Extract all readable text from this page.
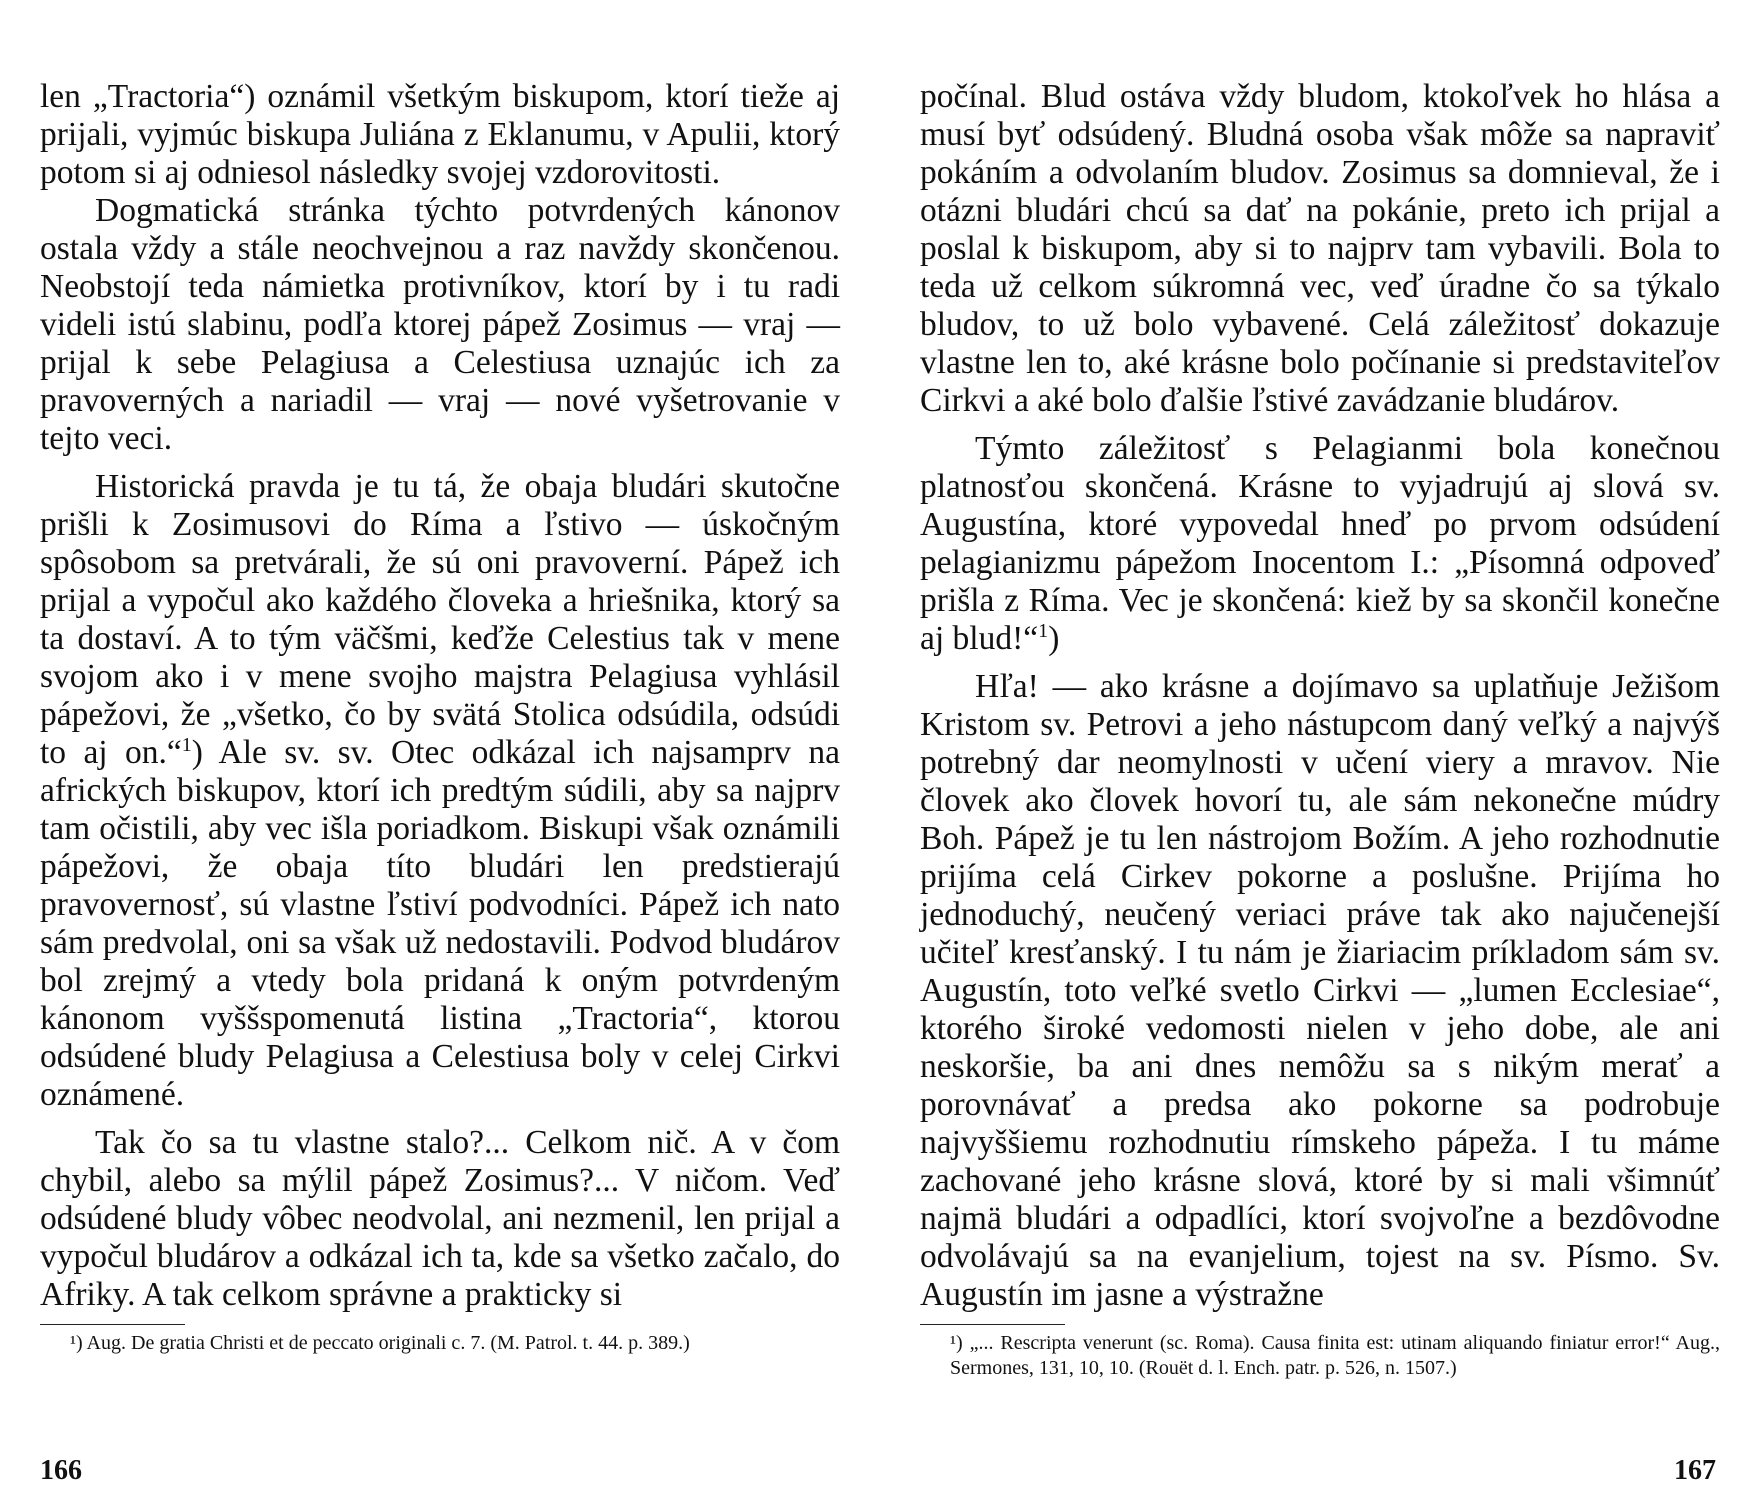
len „Tractoria“) oznámil všetkým biskupom, ktorí tieže aj prijali, vyjmúc biskupa Juliána z Eklanumu, v Apulii, ktorý potom si aj odniesol následky svojej vzdorovitosti.

Dogmatická stránka týchto potvrdených kánonov ostala vždy a stále neochvejnou a raz navždy skončenou. Neobstojí teda námietka protivníkov, ktorí by i tu radi videli istú slabinu, podľa ktorej pápež Zosimus — vraj — prijal k sebe Pelagiusa a Celestiusa uznajúc ich za pravoverných a nariadil — vraj — nové vyšetrovanie v tejto veci.

Historická pravda je tu tá, že obaja bludári skutočne prišli k Zosimusovi do Ríma a ľstivo — úskočným spôsobom sa pretvárali, že sú oni pravoverní. Pápež ich prijal a vypočul ako každého človeka a hriešnika, ktorý sa ta dostaví. A to tým väčšmi, keďže Celestius tak v mene svojom ako i v mene svojho majstra Pelagiusa vyhlásil pápežovi, že „všetko, čo by svätá Stolica odsúdila, odsúdi to aj on.“$^1$) Ale sv. sv. Otec odkázal ich najsamprv na afrických biskupov, ktorí ich predtým súdili, aby sa najprv tam očistili, aby vec išla poriadkom. Biskupi však oznámili pápežovi, že obaja títo bludári len predstierajú pravovernosť, sú vlastne ľstiví podvodníci. Pápež ich nato sám predvolal, oni sa však už nedostavili. Podvod bludárov bol zrejmý a vtedy bola pridaná k oným potvrdeným kánonom vyššspomenutá listina „Tractoria“, ktorou odsúdené bludy Pelagiusa a Celestiusa boly v celej Cirkvi oznámené.

Tak čo sa tu vlastne stalo?... Celkom nič. A v čom chybil, alebo sa mýlil pápež Zosimus?... V ničom. Veď odsúdené bludy vôbec neodvolal, ani nezmenil, len prijal a vypočul bludárov a odkázal ich ta, kde sa všetko začalo, do Afriky. A tak celkom správne a prakticky si

¹) Aug. De gratia Christi et de peccato originali c. 7. (M. Patrol. t. 44. p. 389.)

počínal. Blud ostáva vždy bludom, ktokoľvek ho hlása a musí byť odsúdený. Bludná osoba však môže sa napraviť pokáním a odvolaním bludov. Zosimus sa domnieval, že i otázni bludári chcú sa dať na pokánie, preto ich prijal a poslal k biskupom, aby si to najprv tam vybavili. Bola to teda už celkom súkromná vec, veď úradne čo sa týkalo bludov, to už bolo vybavené. Celá záležitosť dokazuje vlastne len to, aké krásne bolo počínanie si predstaviteľov Cirkvi a aké bolo ďalšie ľstivé zavádzanie bludárov.

Týmto záležitosť s Pelagianmi bola konečnou platnosťou skončená. Krásne to vyjadrujú aj slová sv. Augustína, ktoré vypovedal hneď po prvom odsúdení pelagianizmu pápežom Inocentom I.: „Písomná odpoveď prišla z Ríma. Vec je skončená: kiež by sa skončil konečne aj blud!“$^1$)

Hľa! — ako krásne a dojímavo sa uplatňuje Ježišom Kristom sv. Petrovi a jeho nástupcom daný veľký a najvýš potrebný dar neomylnosti v učení viery a mravov. Nie človek ako človek hovorí tu, ale sám nekonečne múdry Boh. Pápež je tu len nástrojom Božím. A jeho rozhodnutie prijíma celá Cirkev pokorne a poslušne. Prijíma ho jednoduchý, neučený veriaci práve tak ako najučenejší učiteľ kresťanský. I tu nám je žiariacim príkladom sám sv. Augustín, toto veľké svetlo Cirkvi — „lumen Ecclesiae“, ktorého široké vedomosti nielen v jeho dobe, ale ani neskoršie, ba ani dnes nemôžu sa s nikým merať a porovnávať a predsa ako pokorne sa podrobuje najvyššiemu rozhodnutiu rímskeho pápeža. I tu máme zachované jeho krásne slová, ktoré by si mali všimnúť najmä bludári a odpadlíci, ktorí svojvoľne a bezdôvodne odvolávajú sa na evanjelium, tojest na sv. Písmo. Sv. Augustín im jasne a výstražne

¹) „... Rescripta venerunt (sc. Roma). Causa finita est: utinam aliquando finiatur error!“ Aug., Sermones, 131, 10, 10. (Rouët d. l. Ench. patr. p. 526, n. 1507.)

166	167
